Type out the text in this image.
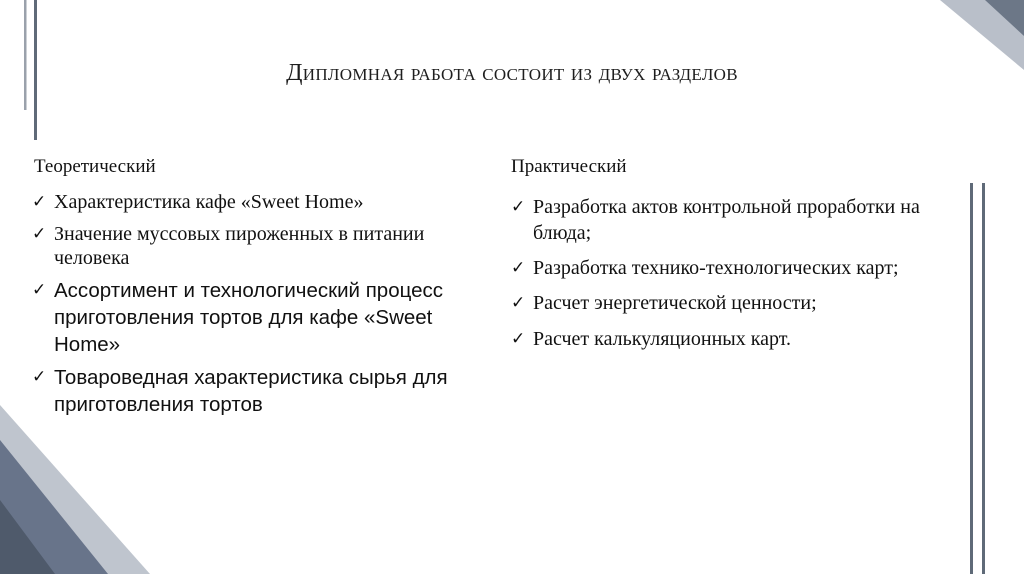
Дипломная работа состоит из двух разделов
Теоретический	Практический
✓ Характеристика кафе «Sweet Home»
✓ Значение муссовых пироженных в питании человека
✓ Ассортимент и технологический процесс приготовления тортов для кафе «Sweet Home»
✓ Товароведная характеристика сырья для приготовления тортов
✓ Разработка актов контрольной проработки на блюда;
✓ Разработка технико-технологических карт;
✓ Расчет энергетической ценности;
✓ Расчет калькуляционных карт.
